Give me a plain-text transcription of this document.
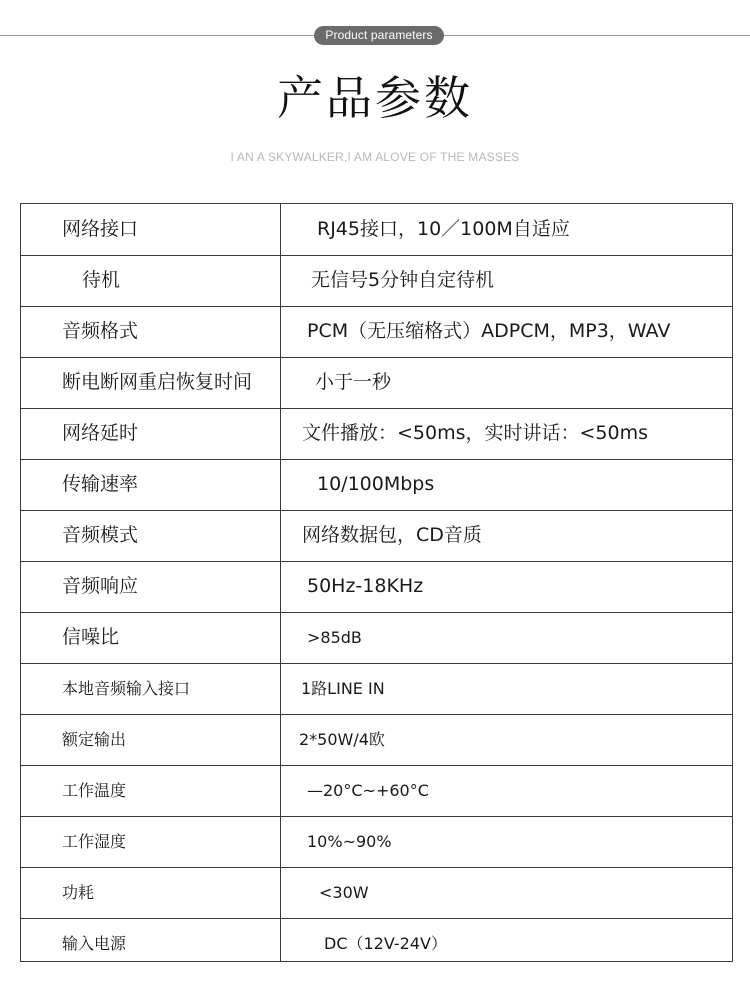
Product parameters
产品参数
I AN A SKYWALKER,I AM ALOVE OF THE MASSES
网络接口	RJ45接口，10／100M自适应
待机	无信号5分钟自定待机
音频格式	PCM（无压缩格式）ADPCM，MP3，WAV
断电断网重启恢复时间	小于一秒
网络延时	文件播放：<50ms，实时讲话：<50ms
传输速率	10/100Mbps
音频模式	网络数据包，CD音质
音频响应	50Hz-18KHz
信噪比	>85dB
本地音频输入接口	1路LINE IN
额定输出	2*50W/4欧
工作温度	—20°C~+60°C
工作湿度	10%~90%
功耗	<30W
输入电源	DC（12V-24V）
